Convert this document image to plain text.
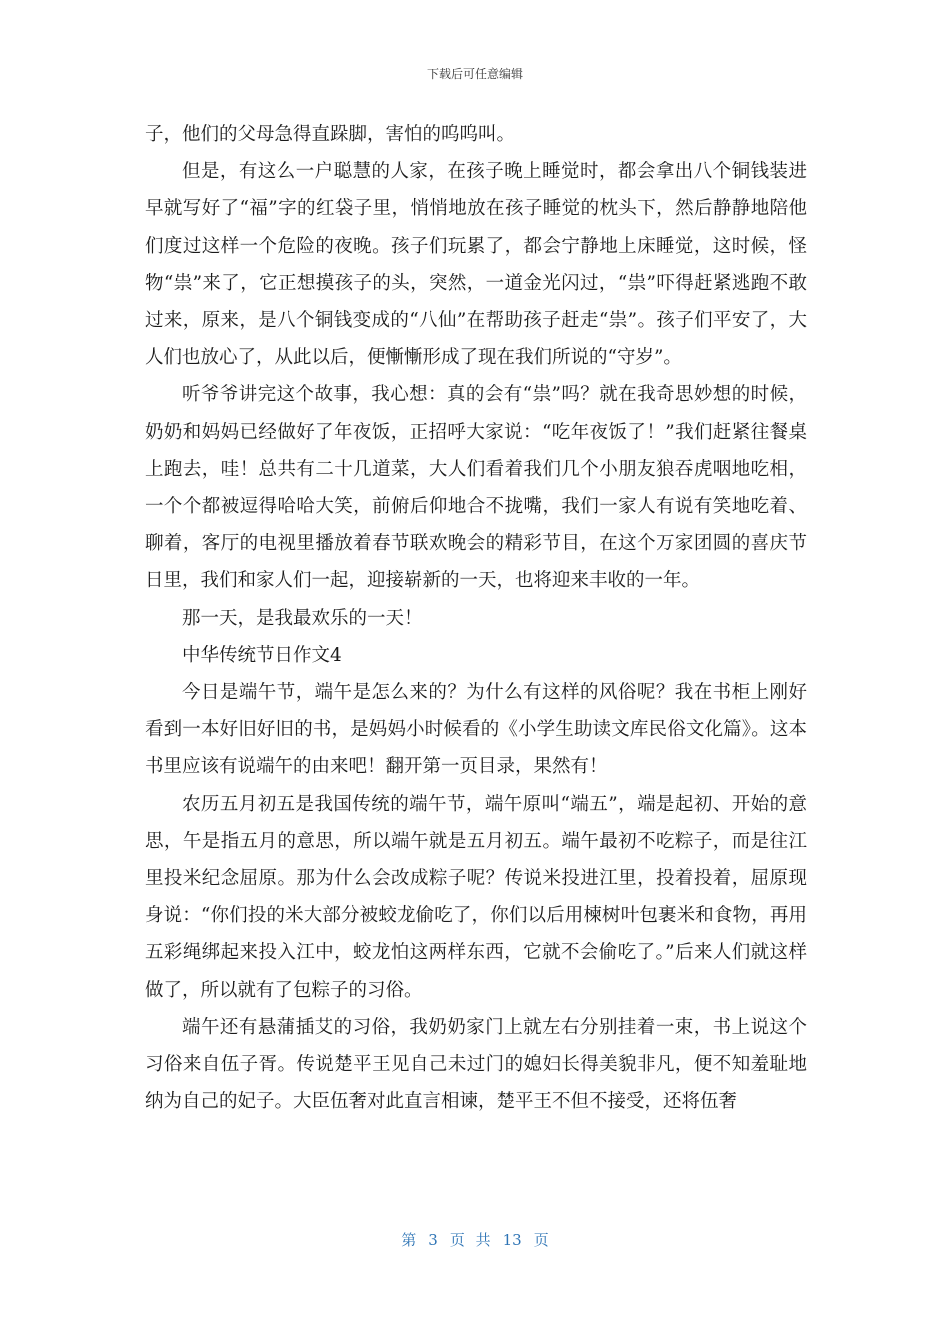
下载后可任意编辑

子，他们的父母急得直跺脚，害怕的呜呜叫。

但是，有这么一户聪慧的人家，在孩子晚上睡觉时，都会拿出八个铜钱装进早就写好了“福”字的红袋子里，悄悄地放在孩子睡觉的枕头下，然后静静地陪他们度过这样一个危险的夜晚。孩子们玩累了，都会宁静地上床睡觉，这时候，怪物“祟”来了，它正想摸孩子的头，突然，一道金光闪过，“祟”吓得赶紧逃跑不敢过来，原来，是八个铜钱变成的“八仙”在帮助孩子赶走“祟”。孩子们平安了，大人们也放心了，从此以后，便慚慚形成了现在我们所说的“守岁”。

听爷爷讲完这个故事，我心想：真的会有“祟”吗？就在我奇思妙想的时候，奶奶和妈妈已经做好了年夜饭，正招呼大家说：“吃年夜饭了！”我们赶紧往餐桌上跑去，哇！总共有二十几道菜，大人们看着我们几个小朋友狼吞虎咽地吃相，一个个都被逗得哈哈大笑，前俯后仰地合不拢嘴，我们一家人有说有笑地吃着、聊着，客厅的电视里播放着春节联欢晚会的精彩节目，在这个万家团圆的喜庆节日里，我们和家人们一起，迎接崭新的一天，也将迎来丰收的一年。

那一天，是我最欢乐的一天！

中华传统节日作文4

今日是端午节，端午是怎么来的？为什么有这样的风俗呢？我在书柜上刚好看到一本好旧好旧的书，是妈妈小时候看的《小学生助读文库民俗文化篇》。这本书里应该有说端午的由来吧！翻开第一页目录，果然有！

农历五月初五是我国传统的端午节，端午原叫“端五”，端是起初、开始的意思，午是指五月的意思，所以端午就是五月初五。端午最初不吃粽子，而是往江里投米纪念屈原。那为什么会改成粽子呢？传说米投进江里，投着投着，屈原现身说：“你们投的米大部分被蛟龙偷吃了，你们以后用楝树叶包裹米和食物，再用五彩绳绑起来投入江中，蛟龙怕这两样东西，它就不会偷吃了。”后来人们就这样做了，所以就有了包粽子的习俗。

端午还有悬蒲插艾的习俗，我奶奶家门上就左右分别挂着一束，书上说这个习俗来自伍子胥。传说楚平王见自己未过门的媳妇长得美貌非凡，便不知羞耻地纳为自己的妃子。大臣伍奢对此直言相谏，楚平王不但不接受，还将伍奢

第 3 页 共 13 页
